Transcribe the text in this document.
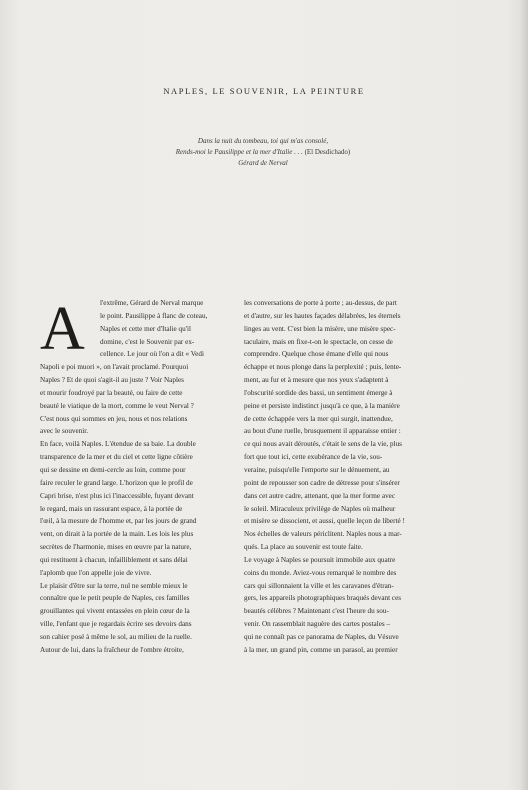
NAPLES, LE SOUVENIR, LA PEINTURE
Dans la nuit du tombeau, toi qui m'as consolé,
Rends-moi le Pausilippe et la mer d'Italie . . . (El Desdichado)
Gérard de Nerval
A	l'extrême, Gérard de Nerval marque
le point. Pausilippe à flanc de coteau,
Naples et cette mer d'Italie qu'il
domine, c'est le Souvenir par ex-
cellence. Le jour où l'on a dit « Vedi
Napoli e poi muori », on l'avait proclamé. Pourquoi
Naples ? Et de quoi s'agit-il au juste ? Voir Naples
et mourir foudroyé par la beauté, ou faire de cette
beauté le viatique de la mort, comme le veut Nerval ?
C'est nous qui sommes en jeu, nous et nos relations
avec le souvenir.
En face, voilà Naples. L'étendue de sa baie. La double
transparence de la mer et du ciel et cette ligne côtière
qui se dessine en demi-cercle au loin, comme pour
faire reculer le grand large. L'horizon que le profil de
Capri brise, n'est plus ici l'inaccessible, fuyant devant
le regard, mais un rassurant espace, à la portée de
l'œil, à la mesure de l'homme et, par les jours de grand
vent, on dirait à la portée de la main. Les lois les plus
secrètes de l'harmonie, mises en œuvre par la nature,
qui restituent à chacun, infailliblement et sans délai
l'aplomb que l'on appelle joie de vivre.
Le plaisir d'être sur la terre, nul ne semble mieux le
connaître que le petit peuple de Naples, ces familles
grouillantes qui vivent entassées en plein cœur de la
ville, l'enfant que je regardais écrire ses devoirs dans
son cahier posé à même le sol, au milieu de la ruelle.
Autour de lui, dans la fraîcheur de l'ombre étroite,
les conversations de porte à porte ; au-dessus, de part
et d'autre, sur les hautes façades délabrées, les éternels
linges au vent. C'est bien la misère, une misère spec-
taculaire, mais en fixe-t-on le spectacle, on cesse de
comprendre. Quelque chose émane d'elle qui nous
échappe et nous plonge dans la perplexité ; puis, lente-
ment, au fur et à mesure que nos yeux s'adaptent à
l'obscurité sordide des bassi, un sentiment émerge à
peine et persiste indistinct jusqu'à ce que, à la manière
de cette échappée vers la mer qui surgit, inattendue,
au bout d'une ruelle, brusquement il apparaisse entier :
ce qui nous avait déroutés, c'était le sens de la vie, plus
fort que tout ici, cette exubérance de la vie, sou-
veraine, puisqu'elle l'emporte sur le dénuement, au
point de repousser son cadre de détresse pour s'insérer
dans cet autre cadre, attenant, que la mer forme avec
le soleil. Miraculeux privilège de Naples où malheur
et misère se dissocient, et aussi, quelle leçon de liberté !
Nos échelles de valeurs périclitent. Naples nous a mar-
qués. La place au souvenir est toute faite.
Le voyage à Naples se poursuit immobile aux quatre
coins du monde. Aviez-vous remarqué le nombre des
cars qui sillonnaient la ville et les caravanes d'étran-
gers, les appareils photographiques braqués devant ces
beautés célèbres ? Maintenant c'est l'heure du sou-
venir. On rassemblait naguère des cartes postales –
qui ne connaît pas ce panorama de Naples, du Vésuve
à la mer, un grand pin, comme un parasol, au premier
